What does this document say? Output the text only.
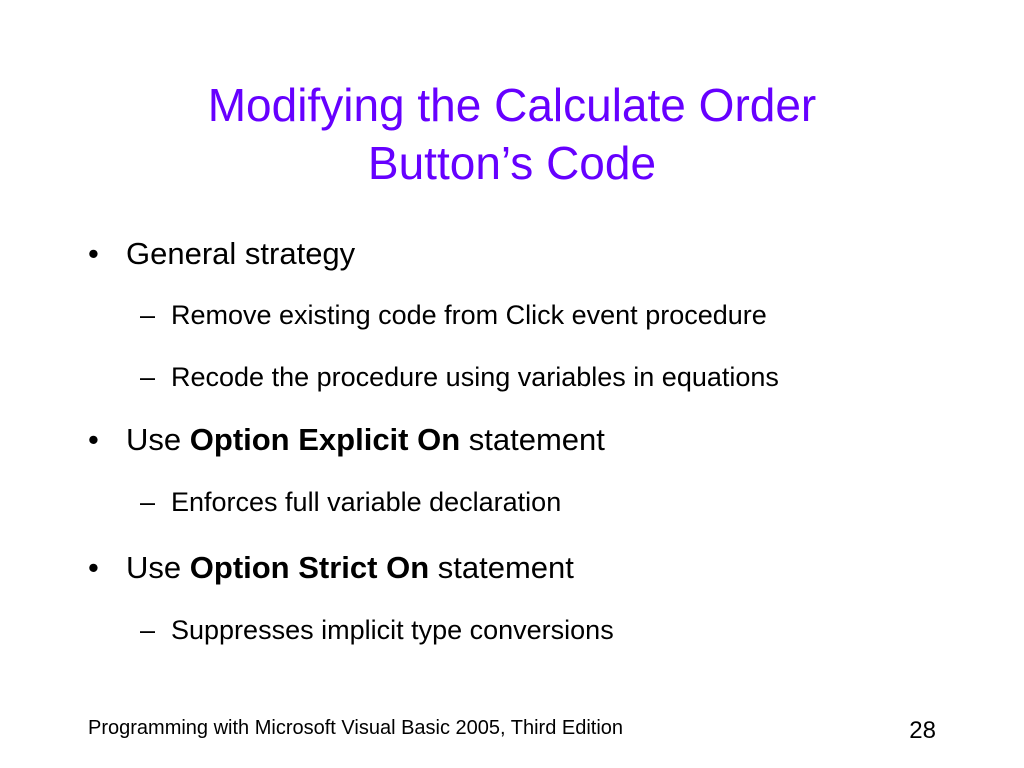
Modifying the Calculate Order
Button’s Code
• General strategy
– Remove existing code from Click event procedure
– Recode the procedure using variables in equations
• Use Option Explicit On statement
– Enforces full variable declaration
• Use Option Strict On statement
– Suppresses implicit type conversions
Programming with Microsoft Visual Basic 2005, Third Edition	28
